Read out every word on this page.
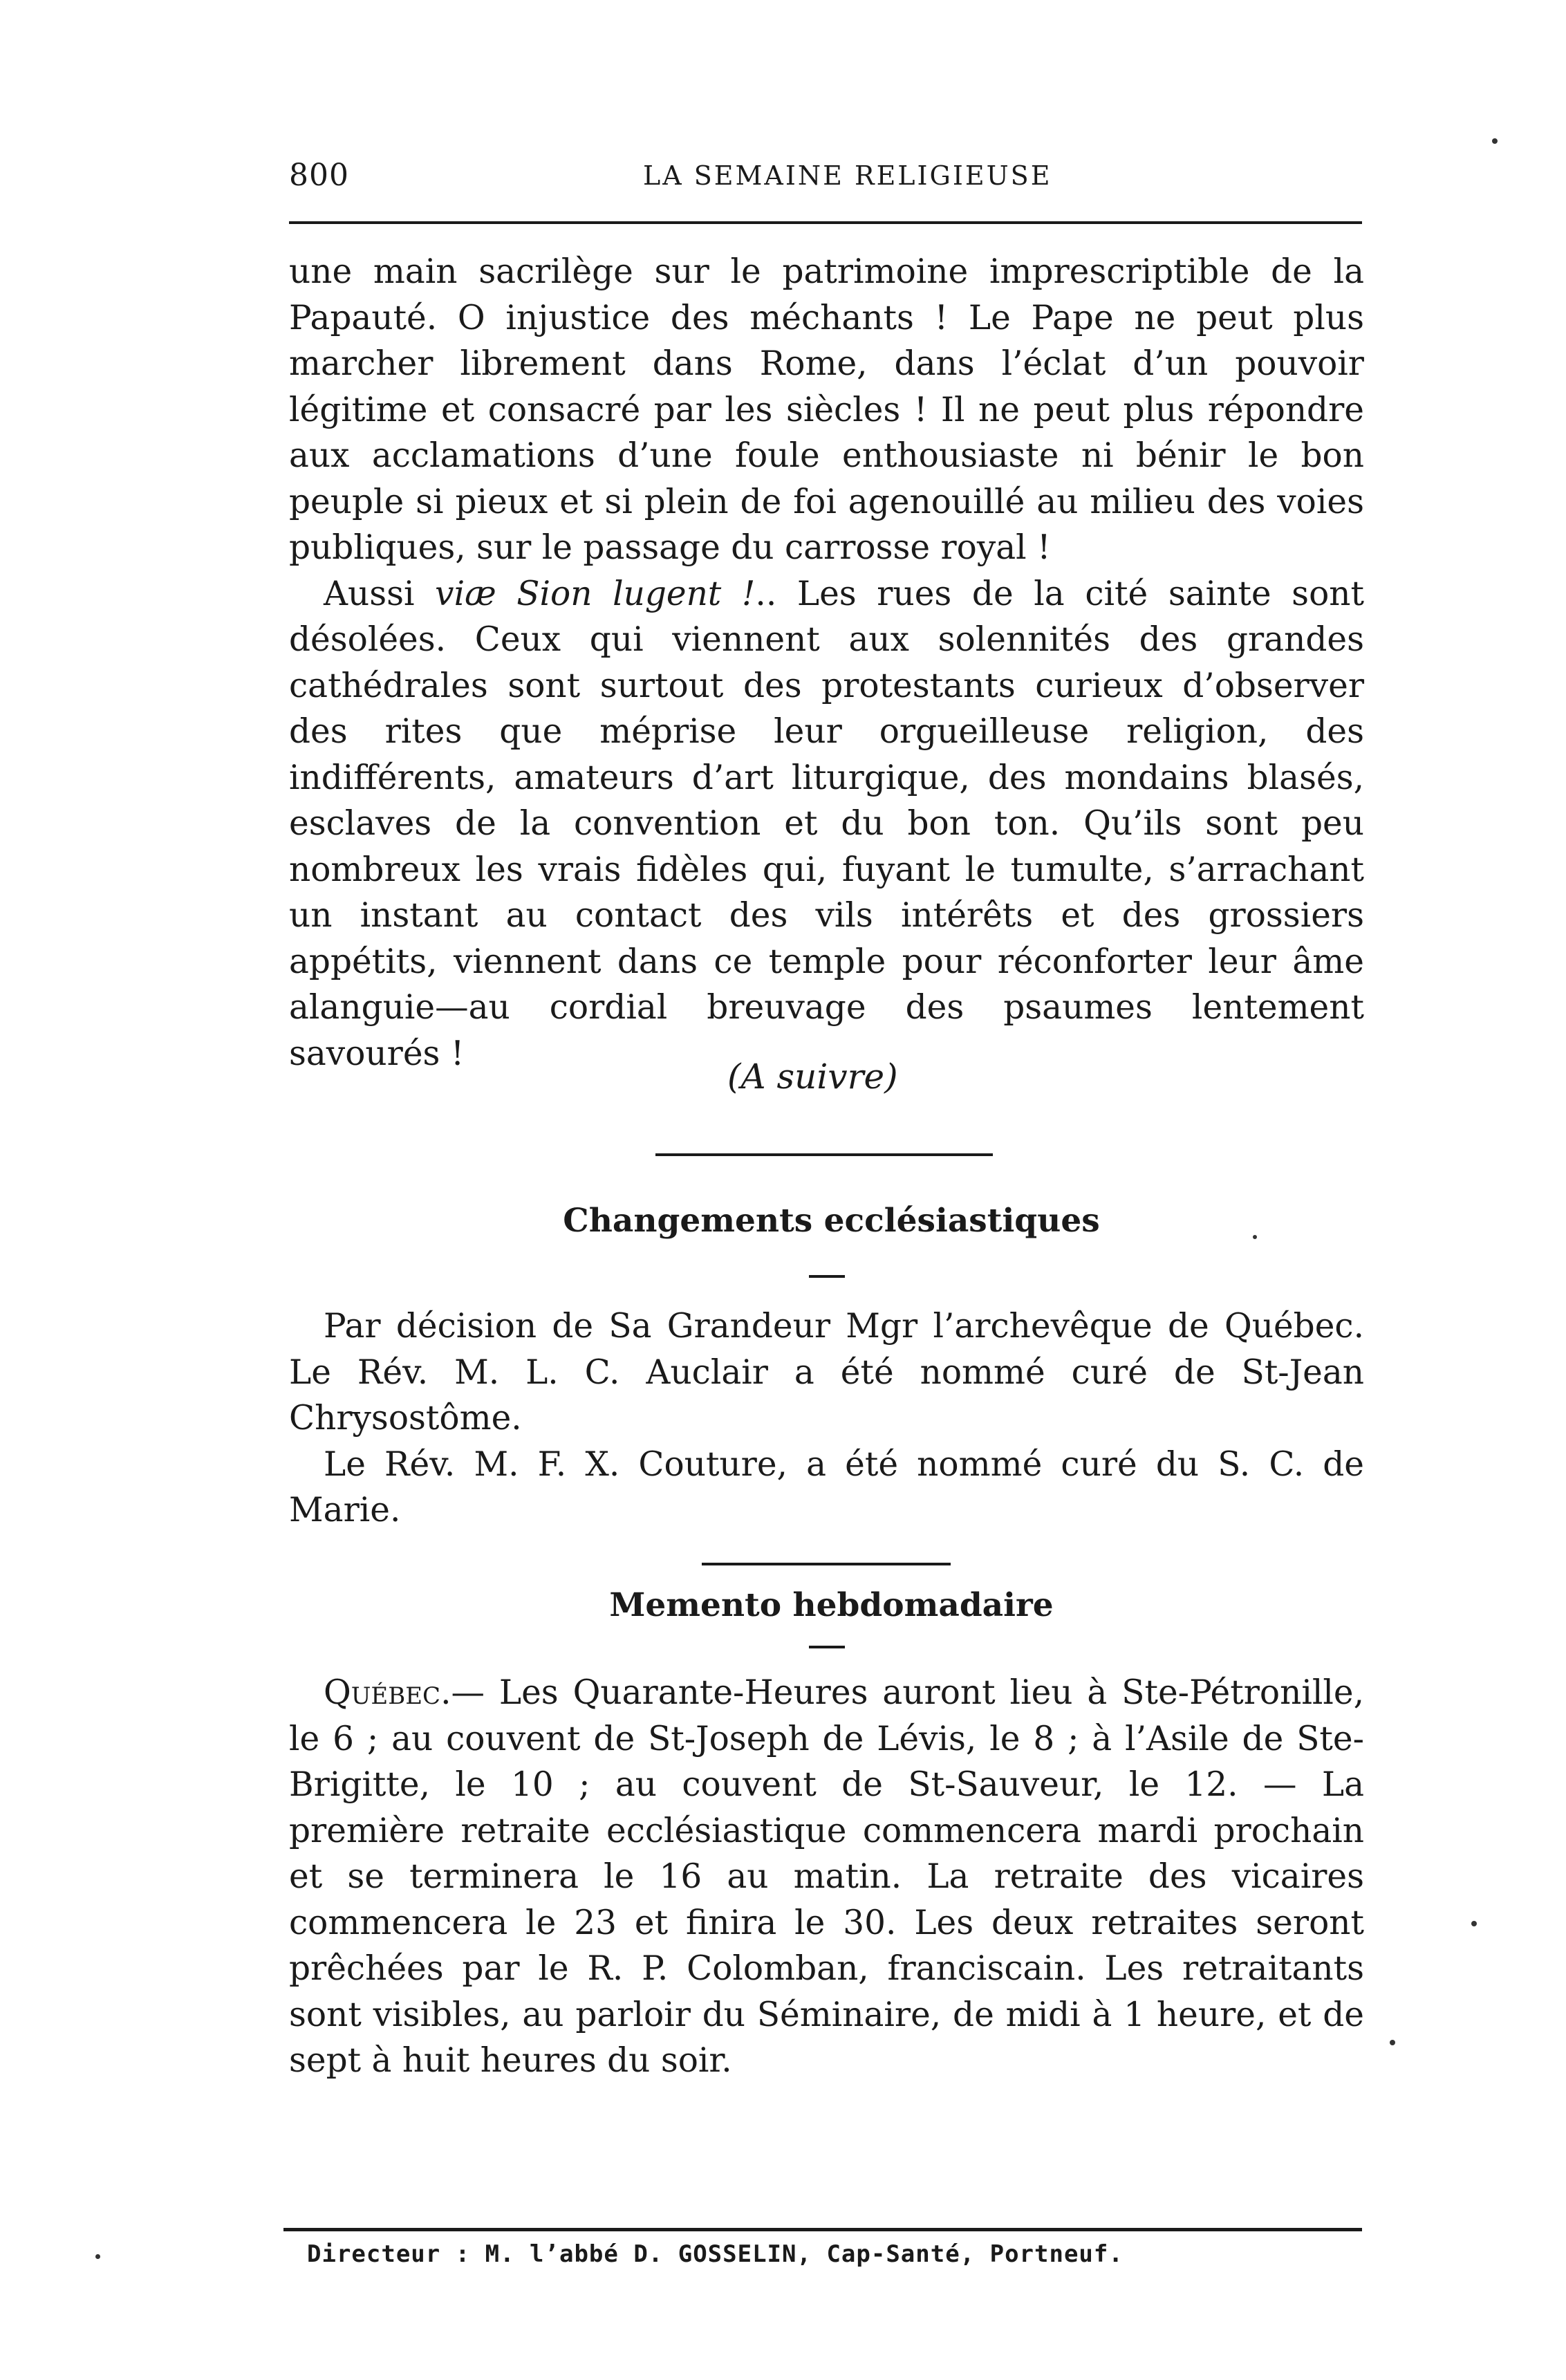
800	LA SEMAINE RELIGIEUSE

une main sacrilège sur le patrimoine imprescriptible de la Papauté. O injustice des méchants ! Le Pape ne peut plus marcher librement dans Rome, dans l’éclat d’un pouvoir légitime et consacré par les siècles ! Il ne peut plus répondre aux acclamations d’une foule enthousiaste ni bénir le bon peuple si pieux et si plein de foi agenouillé au milieu des voies publiques, sur le passage du carrosse royal !

Aussi viæ Sion lugent !.. Les rues de la cité sainte sont désolées. Ceux qui viennent aux solennités des grandes cathédrales sont surtout des protestants curieux d’observer des rites que méprise leur orgueilleuse religion, des indifférents, amateurs d’art liturgique, des mondains blasés, esclaves de la convention et du bon ton. Qu’ils sont peu nombreux les vrais fidèles qui, fuyant le tumulte, s’arrachant un instant au contact des vils intérêts et des grossiers appétits, viennent dans ce temple pour réconforter leur âme alanguie—au cordial breuvage des psaumes lentement savourés !

(A suivre)
Changements ecclésiastiques

Par décision de Sa Grandeur Mgr l’archevêque de Québec. Le Rév. M. L. C. Auclair a été nommé curé de St-Jean Chrysostôme.

Le Rév. M. F. X. Couture, a été nommé curé du S. C. de Marie.

Memento hebdomadaire

Québec.— Les Quarante-Heures auront lieu à Ste-Pétronille, le 6 ; au couvent de St-Joseph de Lévis, le 8 ; à l’Asile de Ste-Brigitte, le 10 ; au couvent de St-Sauveur, le 12. — La première retraite ecclésiastique commencera mardi prochain et se terminera le 16 au matin. La retraite des vicaires commencera le 23 et finira le 30. Les deux retraites seront prêchées par le R. P. Colomban, franciscain. Les retraitants sont visibles, au parloir du Séminaire, de midi à 1 heure, et de sept à huit heures du soir.

Directeur : M. l’abbé D. GOSSELIN, Cap-Santé, Portneuf.
